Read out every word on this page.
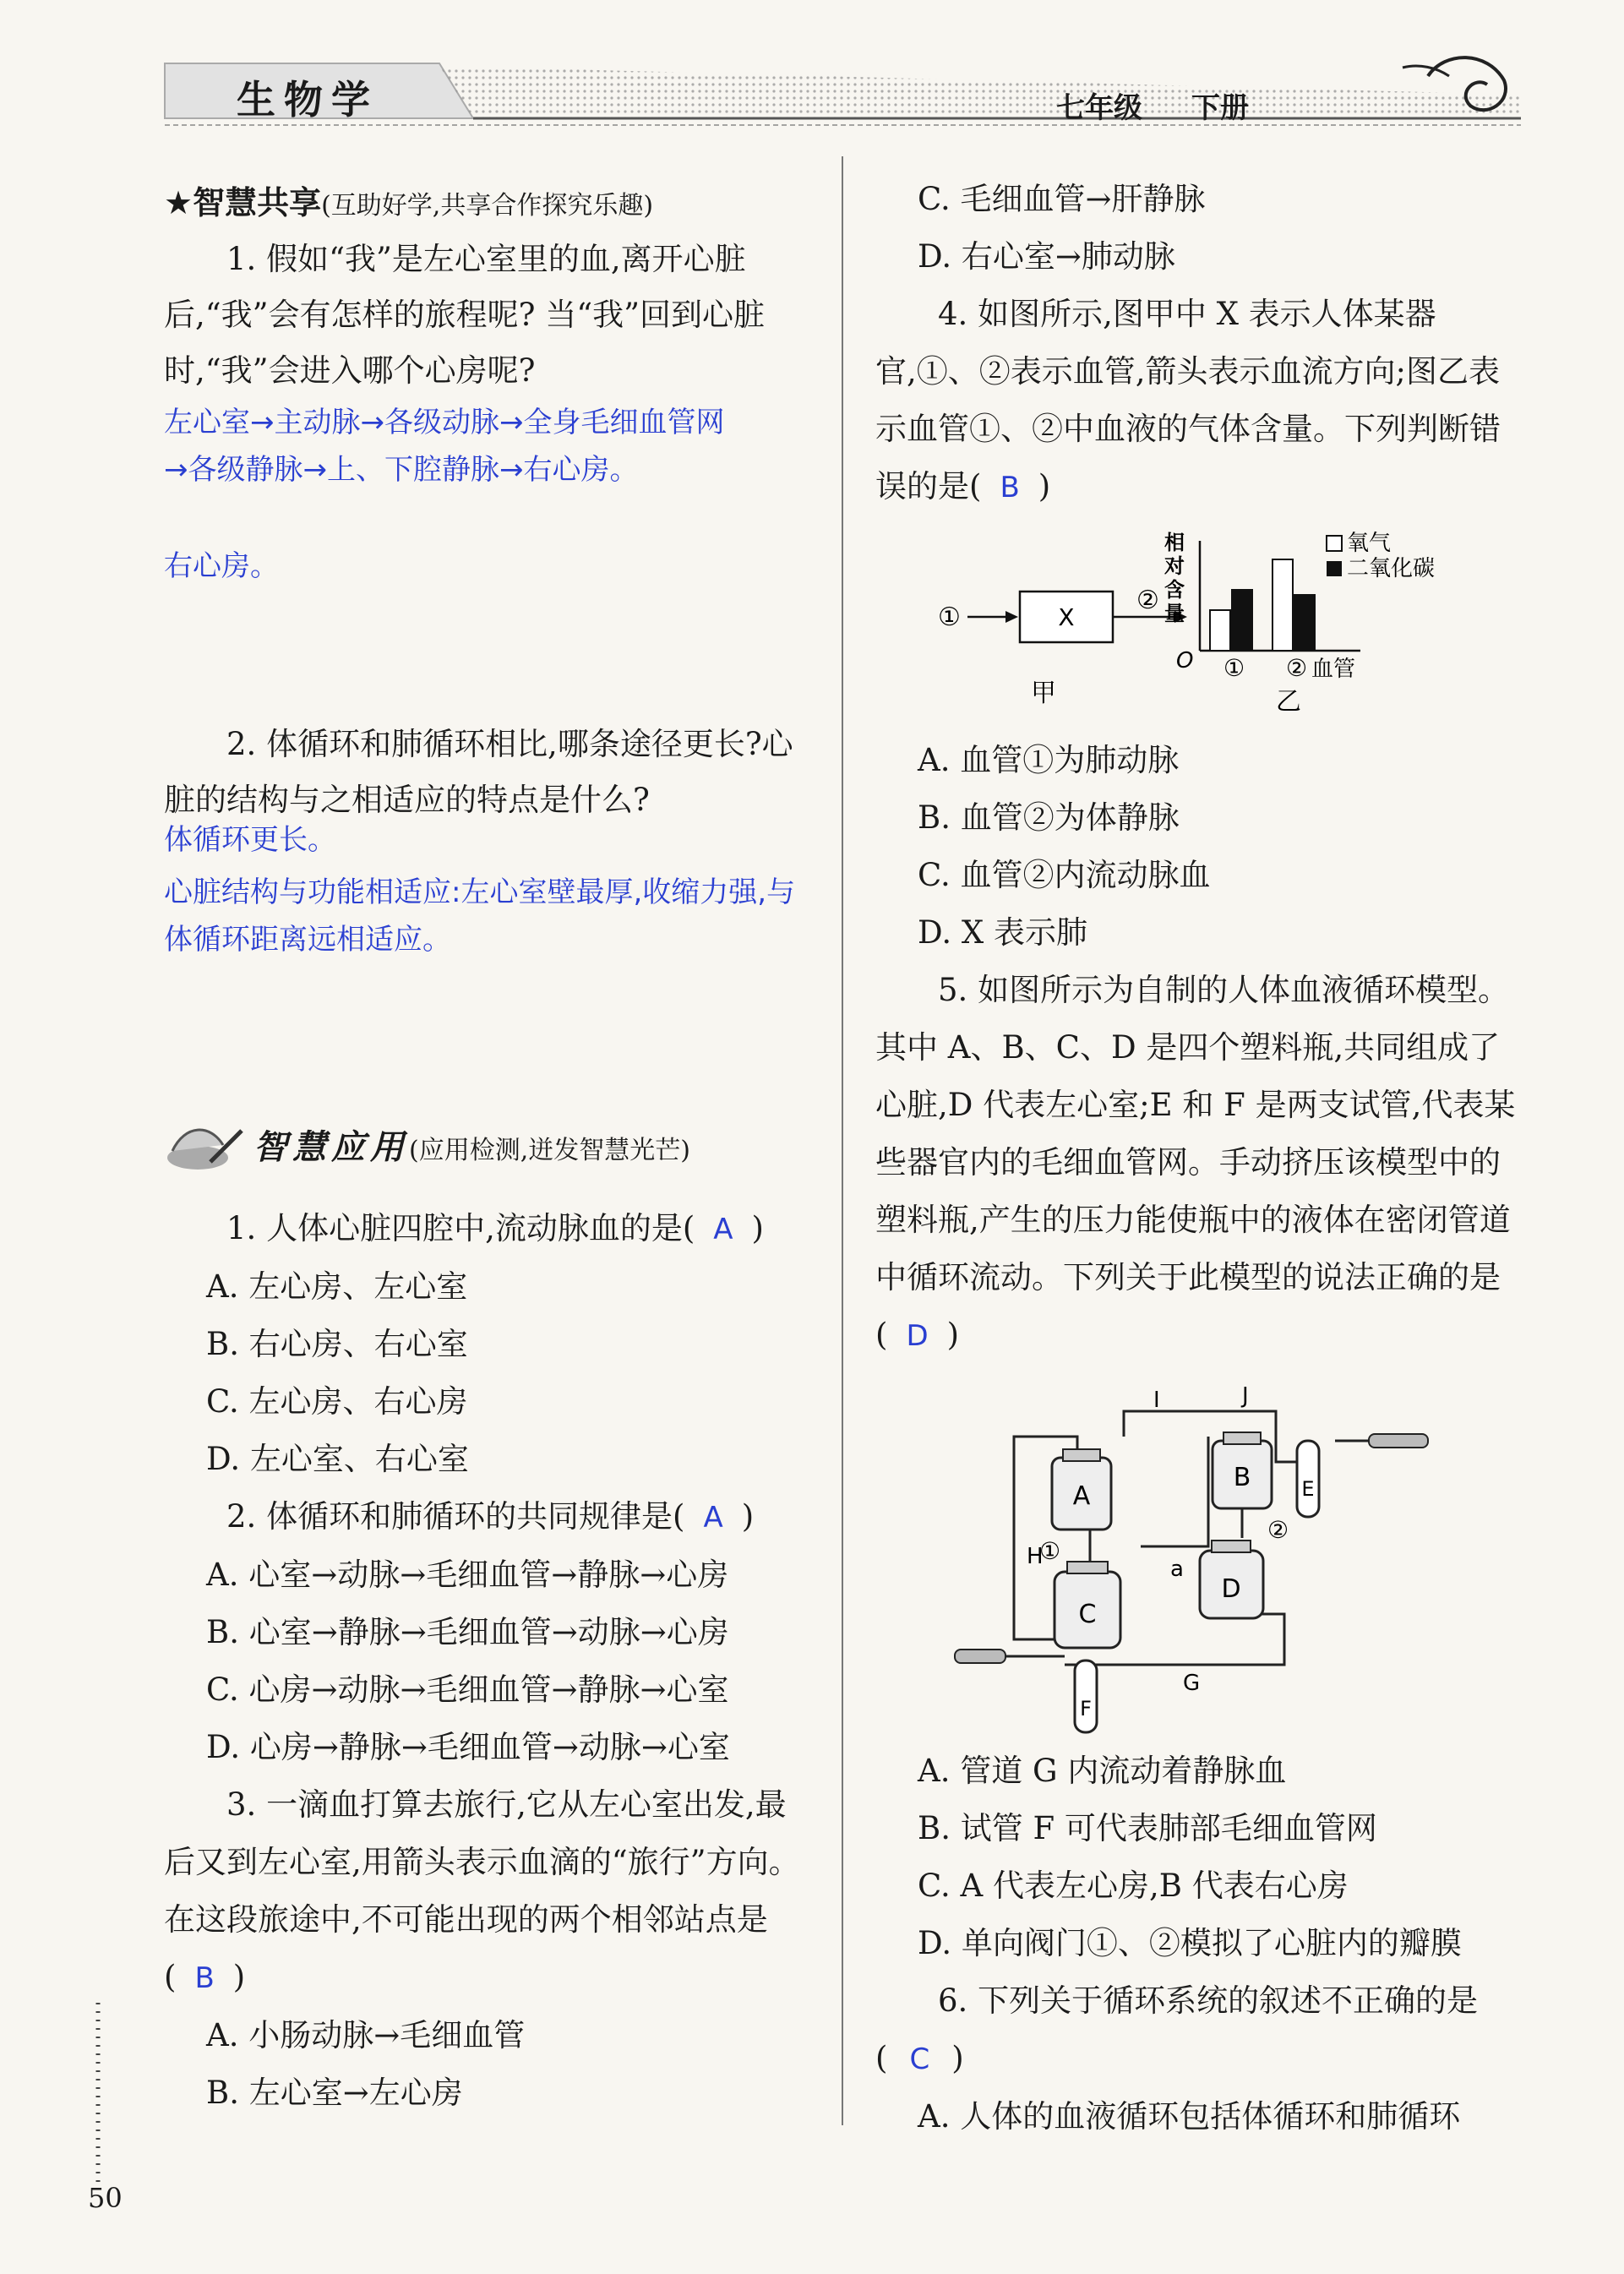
生物学	七年级 下册
★智慧共享(互助好学,共享合作探究乐趣)

1. 假如“我”是左心室里的血,离开心脏后,“我”会有怎样的旅程呢? 当“我”回到心脏时,“我”会进入哪个心房呢?

左心室→主动脉→各级动脉→全身毛细血管网
→各级静脉→上、下腔静脉→右心房。
右心房。

2. 体循环和肺循环相比,哪条途径更长?心脏的结构与之相适应的特点是什么?

体循环更长。
心脏结构与功能相适应:左心室壁最厚,收缩力强,与体循环距离远相适应。
智慧应用(应用检测,迸发智慧光芒)
1. 人体心脏四腔中,流动脉血的是( A )
A. 左心房、左心室
B. 右心房、右心室
C. 左心房、右心房
D. 左心室、右心室
2. 体循环和肺循环的共同规律是( A )
A. 心室→动脉→毛细血管→静脉→心房
B. 心室→静脉→毛细血管→动脉→心房
C. 心房→动脉→毛细血管→静脉→心室
D. 心房→静脉→毛细血管→动脉→心室
3. 一滴血打算去旅行,它从左心室出发,最后又到左心室,用箭头表示血滴的“旅行”方向。在这段旅途中,不可能出现的两个相邻站点是( B )
A. 小肠动脉→毛细血管
B. 左心室→左心房
C. 毛细血管→肝静脉
D. 右心室→肺动脉
4. 如图所示,图甲中 X 表示人体某器官,①、②表示血管,箭头表示血流方向;图乙表示血管①、②中血液的气体含量。下列判断错误的是( B )
①	X
②
甲
相
对
含
量
O
氧气
二氧化碳
① ② 血管
乙
A. 血管①为肺动脉
B. 血管②为体静脉
C. 血管②内流动脉血
D. X 表示肺
5. 如图所示为自制的人体血液循环模型。其中 A、B、C、D 是四个塑料瓶,共同组成了心脏,D 代表左心室;E 和 F 是两支试管,代表某些器官内的毛细血管网。手动挤压该模型中的塑料瓶,产生的压力能使瓶中的液体在密闭管道中循环流动。下列关于此模型的说法正确的是( D )
A
B
C
D
E
F
①
②
H
I	J
G
a
A. 管道 G 内流动着静脉血
B. 试管 F 可代表肺部毛细血管网
C. A 代表左心房,B 代表右心房
D. 单向阀门①、②模拟了心脏内的瓣膜
6. 下列关于循环系统的叙述不正确的是
( C )
A. 人体的血液循环包括体循环和肺循环
50
